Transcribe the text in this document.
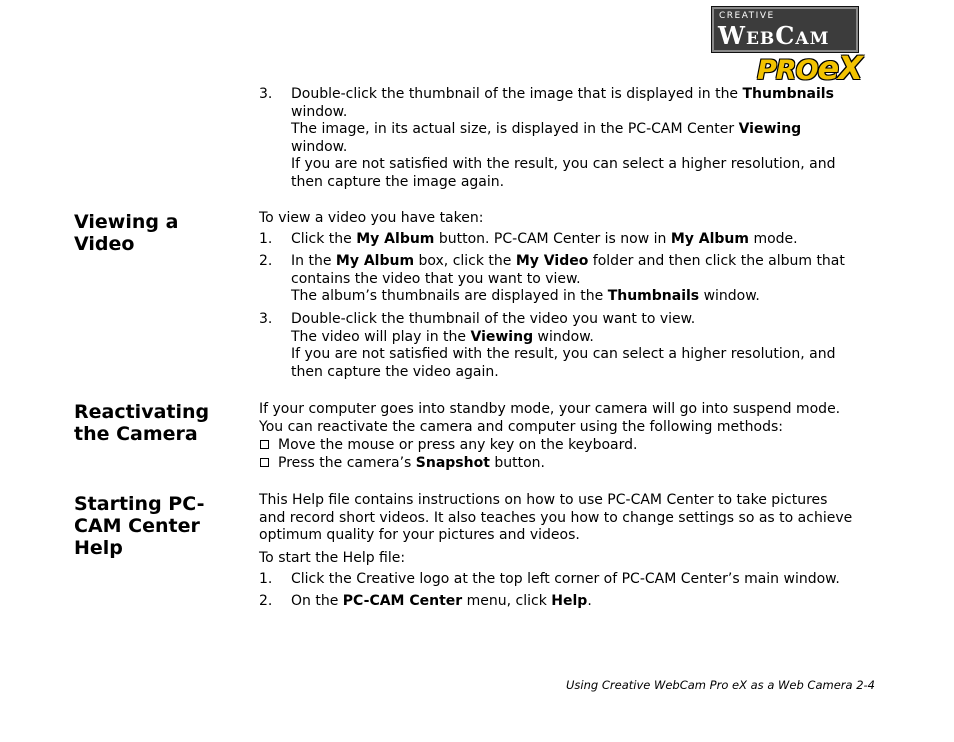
CREATIVE
WebCam
PROeX
3. Double-click the thumbnail of the image that is displayed in the Thumbnails
window.
The image, in its actual size, is displayed in the PC-CAM Center Viewing
window.
If you are not satisfied with the result, you can select a higher resolution, and
then capture the image again.
Viewing a
Video

To view a video you have taken:

1. Click the My Album button. PC-CAM Center is now in My Album mode.
2. In the My Album box, click the My Video folder and then click the album that
contains the video that you want to view.
The album’s thumbnails are displayed in the Thumbnails window.
3. Double-click the thumbnail of the video you want to view.
The video will play in the Viewing window.
If you are not satisfied with the result, you can select a higher resolution, and
then capture the video again.
Reactivating
the Camera
If your computer goes into standby mode, your camera will go into suspend mode.
You can reactivate the camera and computer using the following methods:
Move the mouse or press any key on the keyboard.
Press the camera’s Snapshot button.
Starting PC-
CAM Center
Help
This Help file contains instructions on how to use PC-CAM Center to take pictures
and record short videos. It also teaches you how to change settings so as to achieve
optimum quality for your pictures and videos.

To start the Help file:

1. Click the Creative logo at the top left corner of PC-CAM Center’s main window.
2. On the PC-CAM Center menu, click Help.
Using Creative WebCam Pro eX as a Web Camera 2-4
